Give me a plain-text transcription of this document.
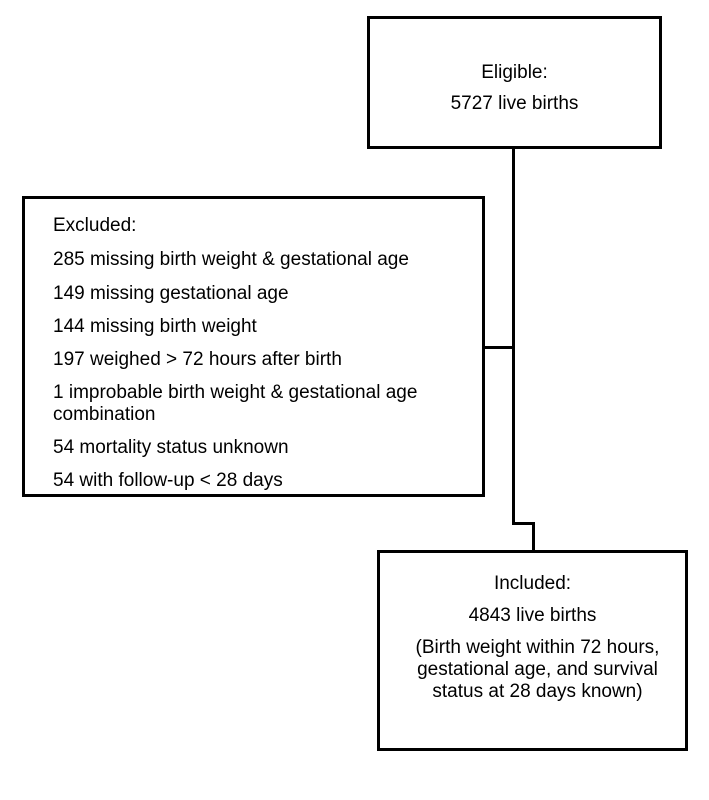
Eligible:
5727 live births
Excluded:
285 missing birth weight & gestational age
149 missing gestational age
144 missing birth weight
197 weighed > 72 hours after birth
1 improbable birth weight & gestational age combination
54 mortality status unknown
54 with follow-up < 28 days
Included:
4843 live births
(Birth weight within 72 hours, gestational age, and survival status at 28 days known)
